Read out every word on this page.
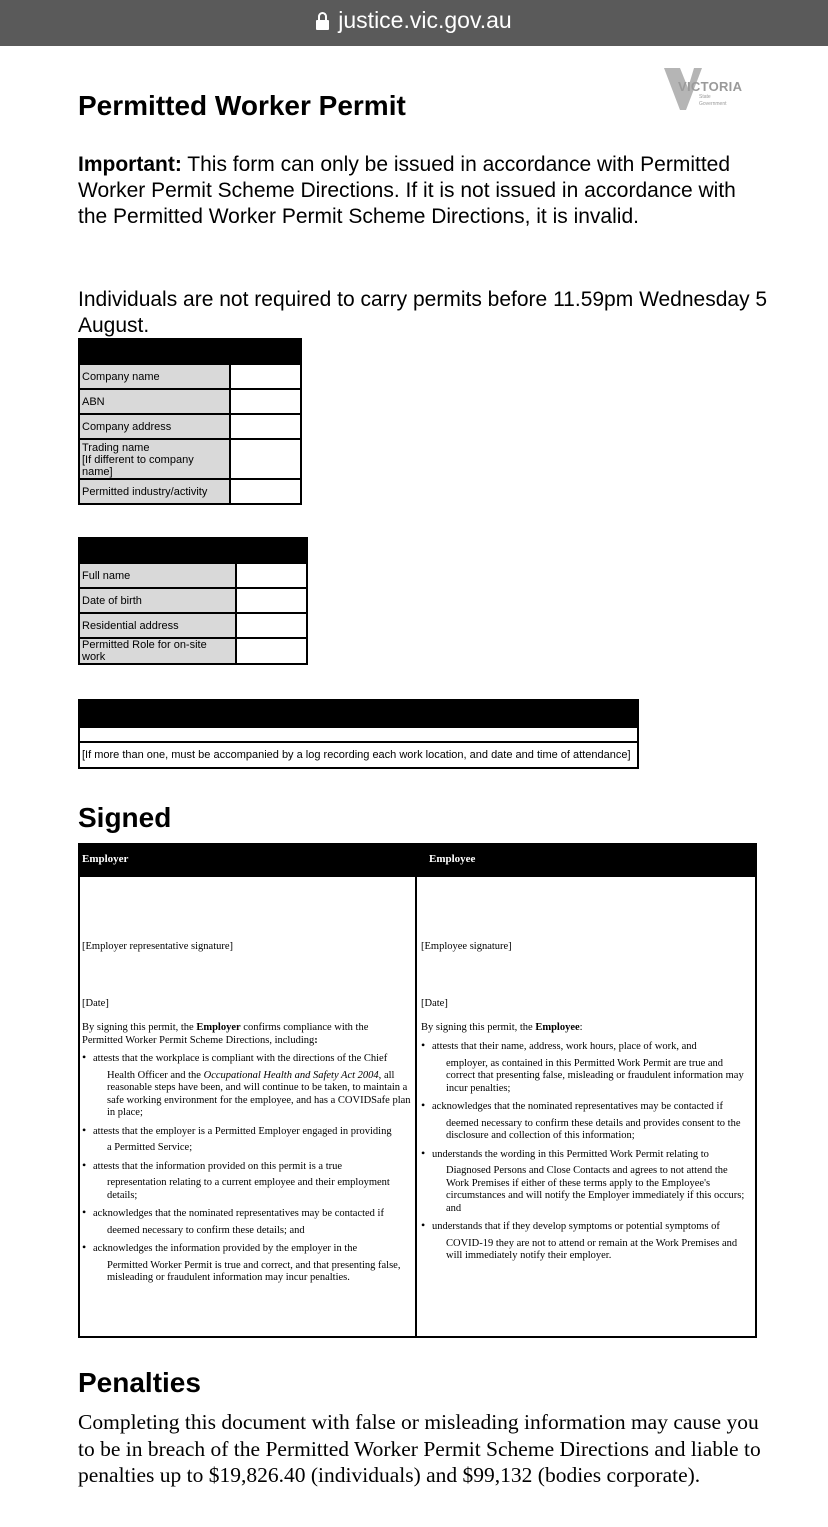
justice.vic.gov.au
VICTORIA
State
Government
Permitted Worker Permit

Important: This form can only be issued in accordance with Permitted Worker Permit Scheme Directions. If it is not issued in accordance with the Permitted Worker Permit Scheme Directions, it is invalid.

Individuals are not required to carry permits before 11.59pm Wednesday 5 August.

Company name	
ABN	
Company address	
Trading name
[If different to company name]	
Permitted industry/activity	

Full name	
Date of birth	
Residential address	
Permitted Role for on-site work	

[If more than one, must be accompanied by a log recording each work location, and date and time of attendance]
Signed
Employer	Employee
[Employer representative signature]
[Date]

By signing this permit, the Employer confirms compliance with the Permitted Worker Permit Scheme Directions, including:

• attests that the workplace is compliant with the directions of the Chief
Health Officer and the Occupational Health and Safety Act 2004, all reasonable steps have been, and will continue to be taken, to maintain a safe working environment for the employee, and has a COVIDSafe plan in place;
• attests that the employer is a Permitted Employer engaged in providing
a Permitted Service;
• attests that the information provided on this permit is a true
representation relating to a current employee and their employment details;
• acknowledges that the nominated representatives may be contacted if
deemed necessary to confirm these details; and
• acknowledges the information provided by the employer in the
Permitted Worker Permit is true and correct, and that presenting false, misleading or fraudulent information may incur penalties.
[Employee signature]
[Date]

By signing this permit, the Employee:

• attests that their name, address, work hours, place of work, and
employer, as contained in this Permitted Work Permit are true and correct that presenting false, misleading or fraudulent information may incur penalties;
• acknowledges that the nominated representatives may be contacted if
deemed necessary to confirm these details and provides consent to the disclosure and collection of this information;
• understands the wording in this Permitted Work Permit relating to
Diagnosed Persons and Close Contacts and agrees to not attend the Work Premises if either of these terms apply to the Employee's circumstances and will notify the Employer immediately if this occurs; and
• understands that if they develop symptoms or potential symptoms of
COVID-19 they are not to attend or remain at the Work Premises and will immediately notify their employer.
Penalties

Completing this document with false or misleading information may cause you to be in breach of the Permitted Worker Permit Scheme Directions and liable to penalties up to $19,826.40 (individuals) and $99,132 (bodies corporate).
